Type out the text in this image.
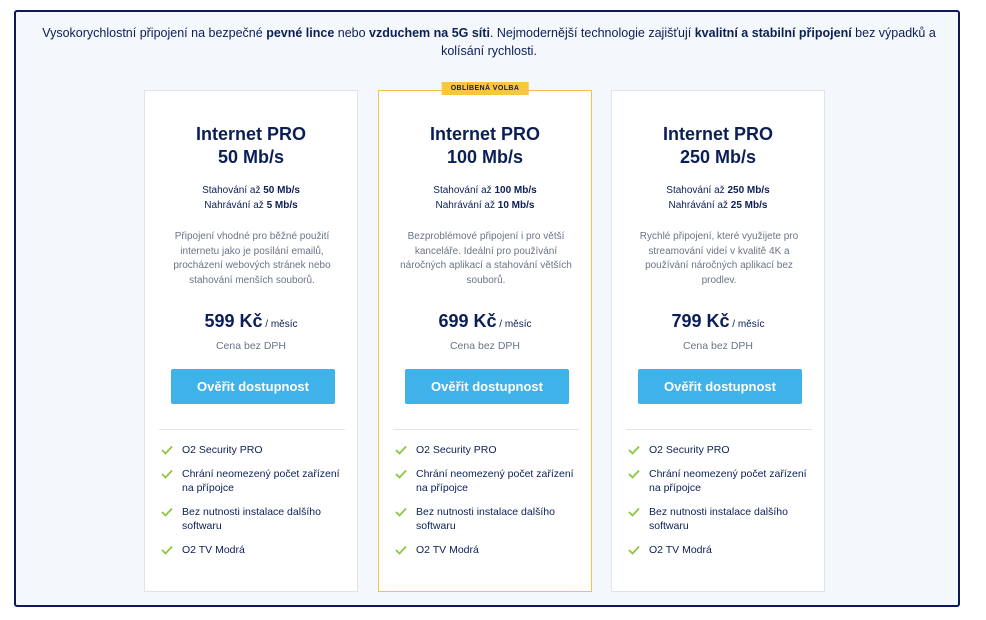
Vysokorychlostní připojení na bezpečné pevné lince nebo vzduchem na 5G síti. Nejmodernější technologie zajišťují kvalitní a stabilní připojení bez výpadků a kolísání rychlosti.
Internet PRO
50 Mb/s
Stahování až 50 Mb/s
Nahrávání až 5 Mb/s
Připojení vhodné pro běžné použití internetu jako je posílání emailů, procházení webových stránek nebo stahování menších souborů.
599 Kč / měsíc
Cena bez DPH
Ověřit dostupnost
O2 Security PRO
Chrání neomezený počet zařízení na přípojce
Bez nutnosti instalace dalšího softwaru
O2 TV Modrá
OBLÍBENÁ VOLBA
Internet PRO
100 Mb/s
Stahování až 100 Mb/s
Nahrávání až 10 Mb/s
Bezproblémové připojení i pro větší kanceláře. Ideální pro používání náročných aplikací a stahování větších souborů.
699 Kč / měsíc
Cena bez DPH
Ověřit dostupnost
O2 Security PRO
Chrání neomezený počet zařízení na přípojce
Bez nutnosti instalace dalšího softwaru
O2 TV Modrá
Internet PRO
250 Mb/s
Stahování až 250 Mb/s
Nahrávání až 25 Mb/s
Rychlé připojení, které využijete pro streamování videí v kvalitě 4K a používání náročných aplikací bez prodlev.
799 Kč / měsíc
Cena bez DPH
Ověřit dostupnost
O2 Security PRO
Chrání neomezený počet zařízení na přípojce
Bez nutnosti instalace dalšího softwaru
O2 TV Modrá
